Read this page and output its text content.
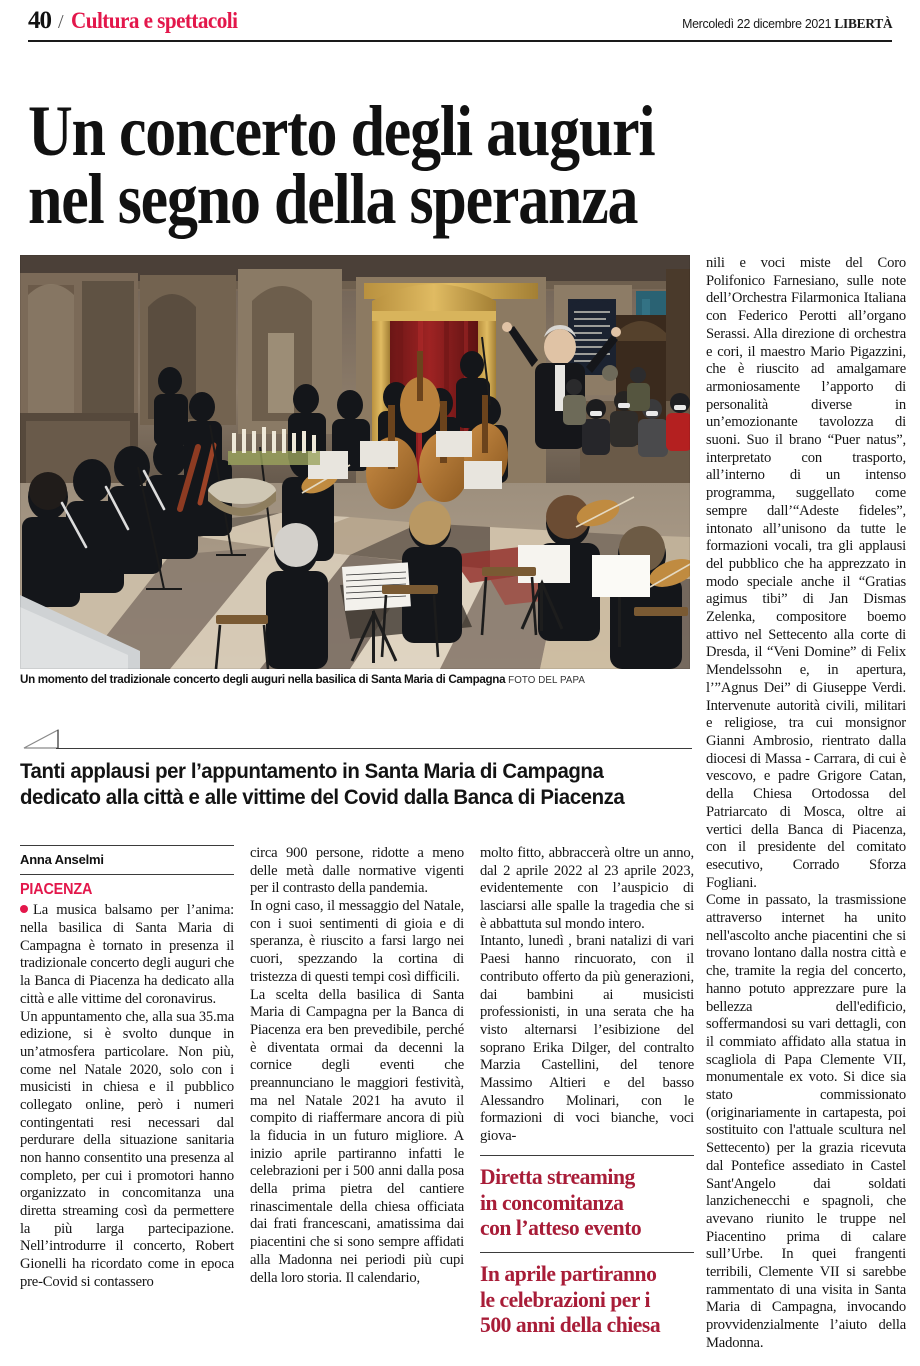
40 / Cultura e spettacoli	Mercoledì 22 dicembre 2021 LIBERTÀ
Un concerto degli auguri
nel segno della speranza
Un momento del tradizionale concerto degli auguri nella basilica di Santa Maria di Campagna FOTO DEL PAPA
Tanti applausi per l’appuntamento in Santa Maria di Campagna
dedicato alla città e alle vittime del Covid dalla Banca di Piacenza
Anna Anselmi
PIACENZA

La musica balsamo per l’anima: nella basilica di Santa Maria di Campagna è tornato in presenza il tradizionale concerto degli auguri che la Banca di Piacenza ha dedicato alla città e alle vittime del coronavirus.

Un appuntamento che, alla sua 35.ma edizione, si è svolto dunque in un’atmosfera particolare. Non più, come nel Natale 2020, solo con i musicisti in chiesa e il pubblico collegato online, però i numeri contingentati resi necessari dal perdurare della situazione sanitaria non hanno consentito una presenza al completo, per cui i promotori hanno organizzato in concomitanza una diretta streaming così da permettere la più larga partecipazione. Nell’introdurre il concerto, Robert Gionelli ha ricordato come in epoca pre-Covid si contassero

circa 900 persone, ridotte a meno delle metà dalle normative vigenti per il contrasto della pandemia.

In ogni caso, il messaggio del Natale, con i suoi sentimenti di gioia e di speranza, è riuscito a farsi largo nei cuori, spezzando la cortina di tristezza di questi tempi così difficili.

La scelta della basilica di Santa Maria di Campagna per la Banca di Piacenza era ben prevedibile, perché è diventata ormai da decenni la cornice degli eventi che preannunciano le maggiori festività, ma nel Natale 2021 ha avuto il compito di riaffermare ancora di più la fiducia in un futuro migliore. A inizio aprile partiranno infatti le celebrazioni per i 500 anni dalla posa della prima pietra del cantiere rinascimentale della chiesa officiata dai frati francescani, amatissima dai piacentini che si sono sempre affidati alla Madonna nei periodi più cupi della loro storia. Il calendario,

molto fitto, abbraccerà oltre un anno, dal 2 aprile 2022 al 23 aprile 2023, evidentemente con l’auspicio di lasciarsi alle spalle la tragedia che si è abbattuta sul mondo intero.

Intanto, lunedì , brani natalizi di vari Paesi hanno rincuorato, con il contributo offerto da più generazioni, dai bambini ai musicisti professionisti, in una serata che ha visto alternarsi l’esibizione del soprano Erika Dilger, del contralto Marzia Castellini, del tenore Massimo Altieri e del basso Alessandro Molinari, con le formazioni di voci bianche, voci giova-

Diretta streaming
in concomitanza
con l’atteso evento
In aprile partiranno
le celebrazioni per i
500 anni della chiesa

nili e voci miste del Coro Polifonico Farnesiano, sulle note dell’Orchestra Filarmonica Italiana con Federico Perotti all’organo Serassi. Alla direzione di orchestra e cori, il maestro Mario Pigazzini, che è riuscito ad amalgamare armoniosamente l’apporto di personalità diverse in un’emozionante tavolozza di suoni. Suo il brano “Puer natus”, interpretato con trasporto, all’interno di un intenso programma, suggellato come sempre dall’“Adeste fideles”, intonato all’unisono da tutte le formazioni vocali, tra gli applausi del pubblico che ha apprezzato in modo speciale anche il “Gratias agimus tibi” di Jan Dismas Zelenka, compositore boemo attivo nel Settecento alla corte di Dresda, il “Veni Domine” di Felix Mendelssohn e, in apertura, l’”Agnus Dei” di Giuseppe Verdi. Intervenute autorità civili, militari e religiose, tra cui monsignor Gianni Ambrosio, rientrato dalla diocesi di Massa - Carrara, di cui è vescovo, e padre Grigore Catan, della Chiesa Ortodossa del Patriarcato di Mosca, oltre ai vertici della Banca di Piacenza, con il presidente del comitato esecutivo, Corrado Sforza Fogliani.

Come in passato, la trasmissione attraverso internet ha unito nell'ascolto anche piacentini che si trovano lontano dalla nostra città e che, tramite la regia del concerto, hanno potuto apprezzare pure la bellezza dell'edificio, soffermandosi su vari dettagli, con il commiato affidato alla statua in scagliola di Papa Clemente VII, monumentale ex voto. Si dice sia stato commissionato (originariamente in cartapesta, poi sostituito con l'attuale scultura nel Settecento) per la grazia ricevuta dal Pontefice assediato in Castel Sant'Angelo dai soldati lanzichenecchi e spagnoli, che avevano riunito le truppe nel Piacentino prima di calare sull’Urbe. In quei frangenti terribili, Clemente VII si sarebbe rammentato di una visita in Santa Maria di Campagna, invocando provvidenzialmente l’aiuto della Madonna.
